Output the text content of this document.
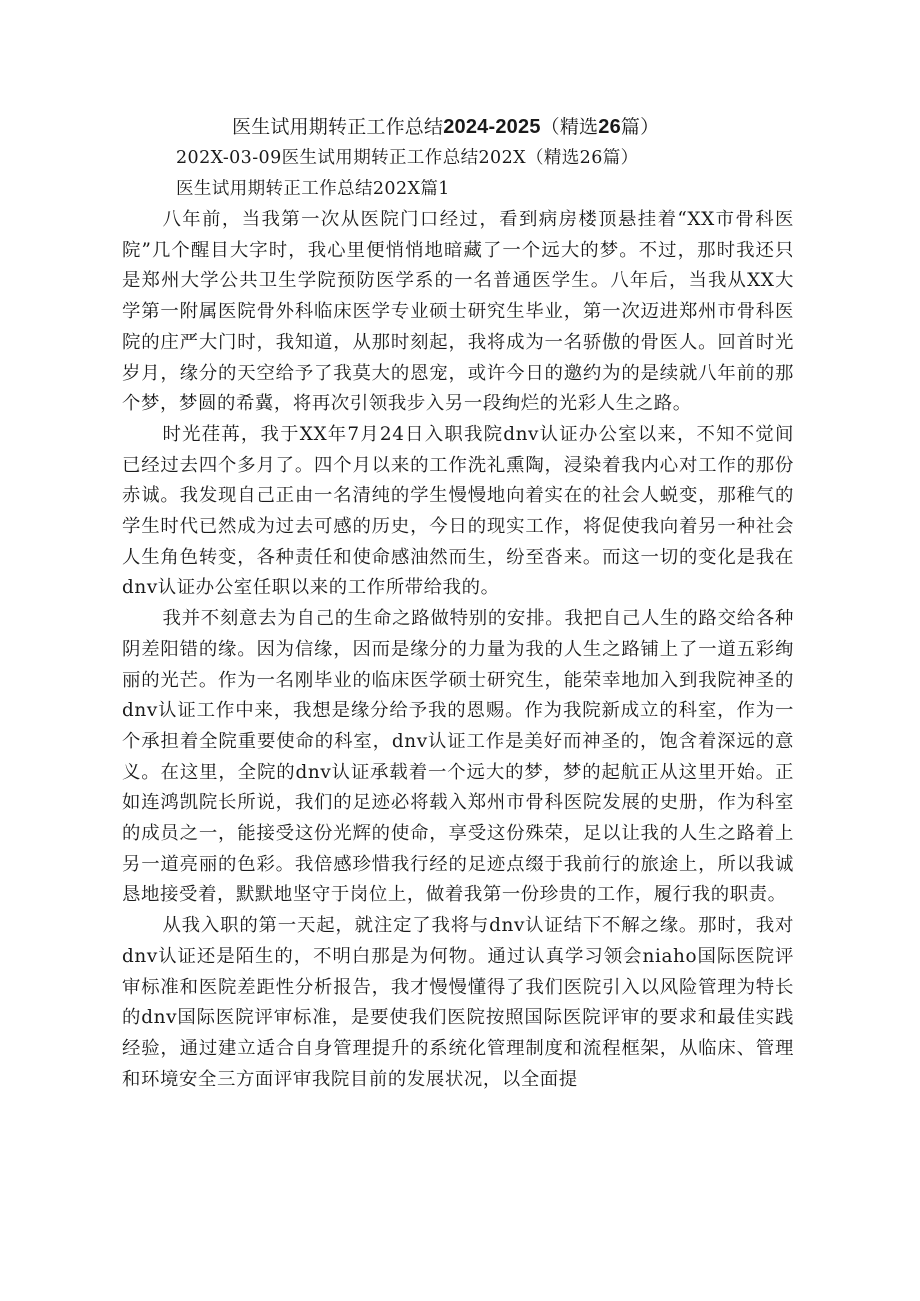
医生试用期转正工作总结2024-2025（精选26篇）
202X-03-09医生试用期转正工作总结202X（精选26篇）
医生试用期转正工作总结202X篇1

八年前，当我第一次从医院门口经过，看到病房楼顶悬挂着“XX市骨科医院”几个醒目大字时，我心里便悄悄地暗藏了一个远大的梦。不过，那时我还只是郑州大学公共卫生学院预防医学系的一名普通医学生。八年后，当我从XX大学第一附属医院骨外科临床医学专业硕士研究生毕业，第一次迈进郑州市骨科医院的庄严大门时，我知道，从那时刻起，我将成为一名骄傲的骨医人。回首时光岁月，缘分的天空给予了我莫大的恩宠，或许今日的邀约为的是续就八年前的那个梦，梦圆的希冀，将再次引领我步入另一段绚烂的光彩人生之路。

时光荏苒，我于XX年7月24日入职我院dnv认证办公室以来，不知不觉间已经过去四个多月了。四个月以来的工作洗礼熏陶，浸染着我内心对工作的那份赤诚。我发现自己正由一名清纯的学生慢慢地向着实在的社会人蜕变，那稚气的学生时代已然成为过去可感的历史，今日的现实工作，将促使我向着另一种社会人生角色转变，各种责任和使命感油然而生，纷至沓来。而这一切的变化是我在dnv认证办公室任职以来的工作所带给我的。

我并不刻意去为自己的生命之路做特别的安排。我把自己人生的路交给各种阴差阳错的缘。因为信缘，因而是缘分的力量为我的人生之路铺上了一道五彩绚丽的光芒。作为一名刚毕业的临床医学硕士研究生，能荣幸地加入到我院神圣的dnv认证工作中来，我想是缘分给予我的恩赐。作为我院新成立的科室，作为一个承担着全院重要使命的科室，dnv认证工作是美好而神圣的，饱含着深远的意义。在这里，全院的dnv认证承载着一个远大的梦，梦的起航正从这里开始。正如连鸿凯院长所说，我们的足迹必将载入郑州市骨科医院发展的史册，作为科室的成员之一，能接受这份光辉的使命，享受这份殊荣，足以让我的人生之路着上另一道亮丽的色彩。我倍感珍惜我行经的足迹点缀于我前行的旅途上，所以我诚恳地接受着，默默地坚守于岗位上，做着我第一份珍贵的工作，履行我的职责。

从我入职的第一天起，就注定了我将与dnv认证结下不解之缘。那时，我对dnv认证还是陌生的，不明白那是为何物。通过认真学习领会niaho国际医院评审标准和医院差距性分析报告，我才慢慢懂得了我们医院引入以风险管理为特长的dnv国际医院评审标准，是要使我们医院按照国际医院评审的要求和最佳实践经验，通过建立适合自身管理提升的系统化管理制度和流程框架，从临床、管理和环境安全三方面评审我院目前的发展状况，以全面提
